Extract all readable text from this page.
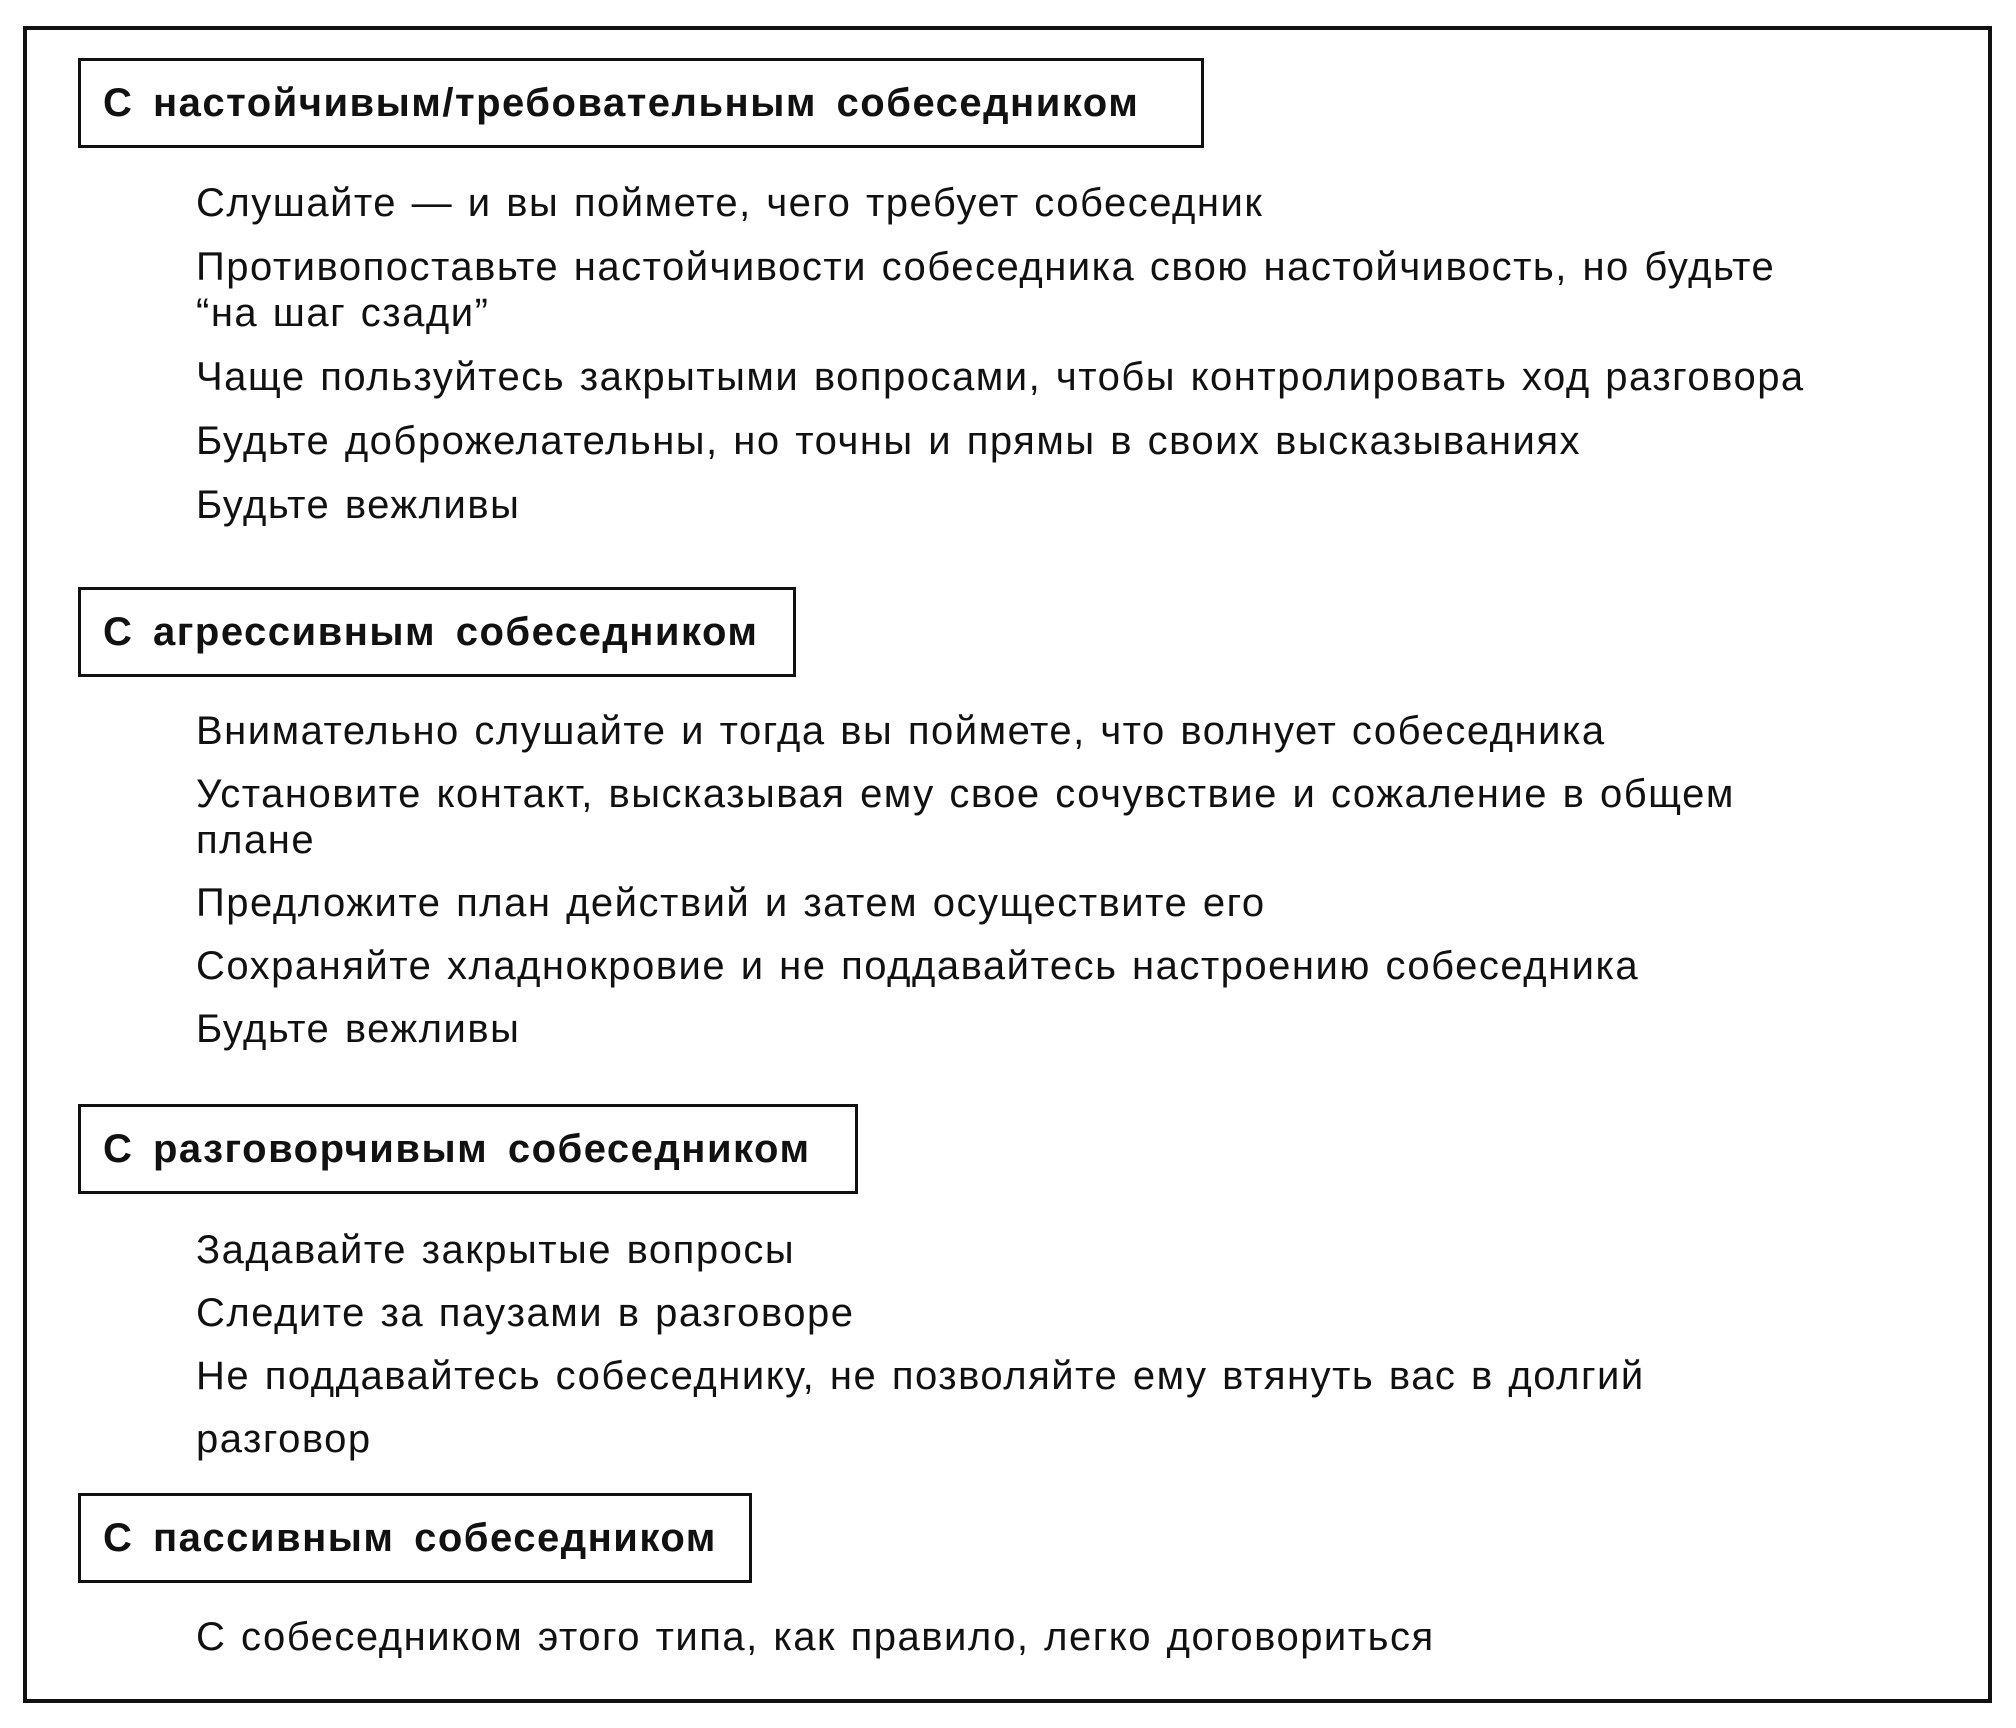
С настойчивым/требовательным собеседником
Слушайте — и вы поймете, чего требует собеседник
Противопоставьте настойчивости собеседника свою настойчивость, но будьте
“на шаг сзади”
Чаще пользуйтесь закрытыми вопросами, чтобы контролировать ход разговора
Будьте доброжелательны, но точны и прямы в своих высказываниях
Будьте вежливы
С агрессивным собеседником
Внимательно слушайте и тогда вы поймете, что волнует собеседника
Установите контакт, высказывая ему свое сочувствие и сожаление в общем
плане
Предложите план действий и затем осуществите его
Сохраняйте хладнокровие и не поддавайтесь настроению собеседника
Будьте вежливы
С разговорчивым собеседником
Задавайте закрытые вопросы
Следите за паузами в разговоре
Не поддавайтесь собеседнику, не позволяйте ему втянуть вас в долгий
разговор
С пассивным собеседником
С собеседником этого типа, как правило, легко договориться
